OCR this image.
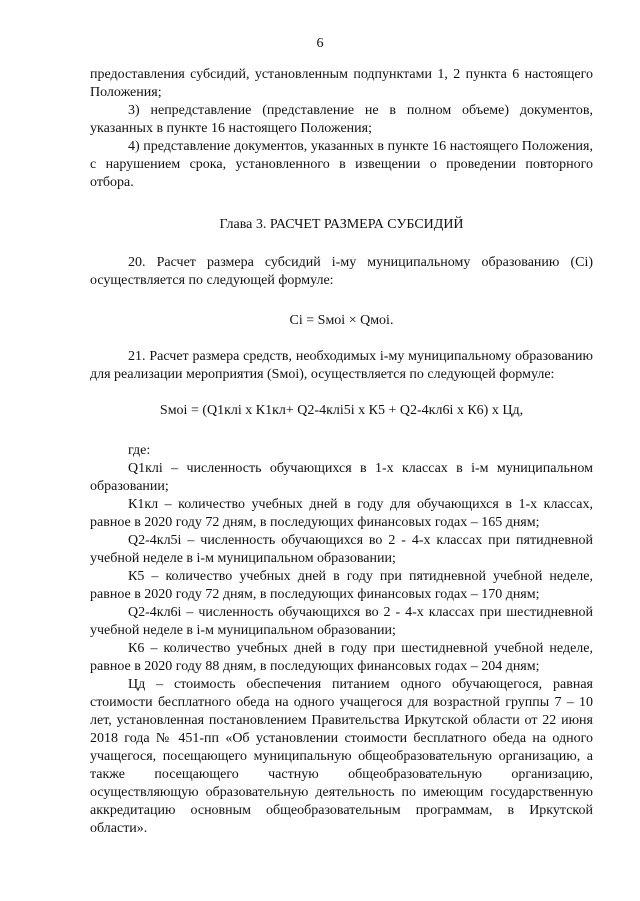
6

предоставления субсидий, установленным подпунктами 1, 2 пункта 6 настоящего Положения;

3) непредставление (представление не в полном объеме) документов, указанных в пункте 16 настоящего Положения;

4) представление документов, указанных в пункте 16 настоящего Положения, с нарушением срока, установленного в извещении о проведении повторного отбора.

Глава 3. РАСЧЕТ РАЗМЕРА СУБСИДИЙ

20. Расчет размера субсидий i-му муниципальному образованию (Ci) осуществляется по следующей формуле:

Ci = Sмoi × Qмoi.

21. Расчет размера средств, необходимых i-му муниципальному образованию для реализации мероприятия (Sмoi), осуществляется по следующей формуле:

Sмoi = (Q1клi х К1кл+ Q2-4клi5i х К5 + Q2-4кл6i х К6) х Цд,

где:

Q1клi – численность обучающихся в 1-х классах в i-м муниципальном образовании;

К1кл – количество учебных дней в году для обучающихся в 1-х классах, равное в 2020 году 72 дням, в последующих финансовых годах – 165 дням;

Q2-4кл5i – численность обучающихся во 2 - 4-х классах при пятидневной учебной неделе в i-м муниципальном образовании;

К5 – количество учебных дней в году при пятидневной учебной неделе, равное в 2020 году 72 дням, в последующих финансовых годах – 170 дням;

Q2-4кл6i – численность обучающихся во 2 - 4-х классах при шестидневной учебной неделе в i-м муниципальном образовании;

К6 – количество учебных дней в году при шестидневной учебной неделе, равное в 2020 году 88 дням, в последующих финансовых годах – 204 дням;

Цд – стоимость обеспечения питанием одного обучающегося, равная стоимости бесплатного обеда на одного учащегося для возрастной группы 7 – 10 лет, установленная постановлением Правительства Иркутской области от 22 июня 2018 года № 451-пп «Об установлении стоимости бесплатного обеда на одного учащегося, посещающего муниципальную общеобразовательную организацию, а также посещающего частную общеобразовательную организацию, осуществляющую образовательную деятельность по имеющим государственную аккредитацию основным общеобразовательным программам, в Иркутской области».
